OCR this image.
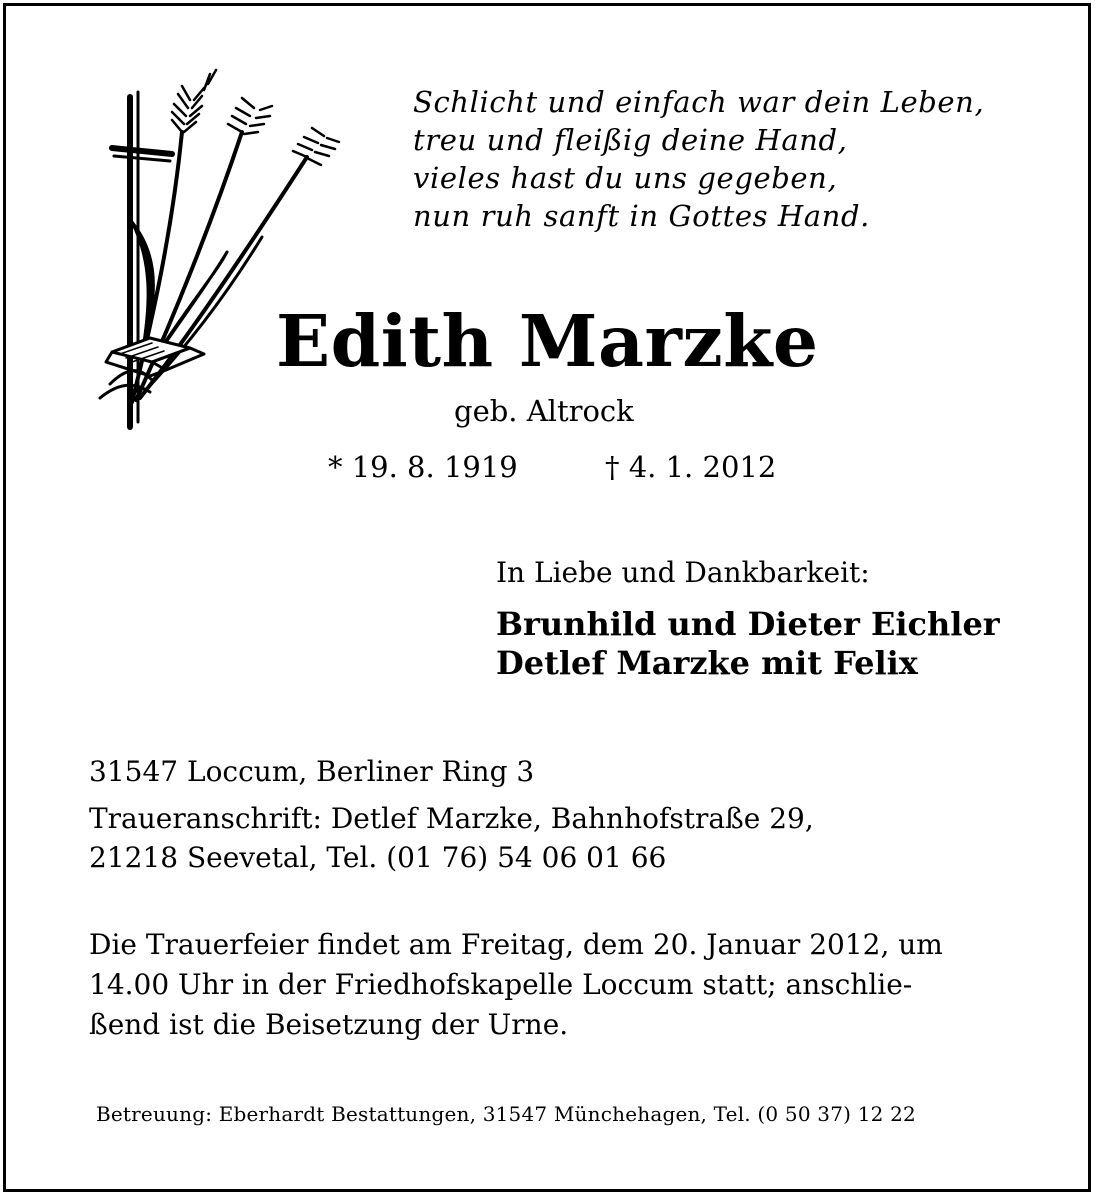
Schlicht und einfach war dein Leben,
treu und fleißig deine Hand,
vieles hast du uns gegeben,
nun ruh sanft in Gottes Hand.
Edith Marzke
geb. Altrock
* 19. 8. 1919	† 4. 1. 2012
In Liebe und Dankbarkeit:
Brunhild und Dieter Eichler
Detlef Marzke mit Felix
31547 Loccum, Berliner Ring 3
Traueranschrift: Detlef Marzke, Bahnhofstraße 29,
21218 Seevetal, Tel. (01 76) 54 06 01 66
Die Trauerfeier findet am Freitag, dem 20. Januar 2012, um
14.00 Uhr in der Friedhofskapelle Loccum statt; anschlie-
ßend ist die Beisetzung der Urne.
Betreuung: Eberhardt Bestattungen, 31547 Münchehagen, Tel. (0 50 37) 12 22
